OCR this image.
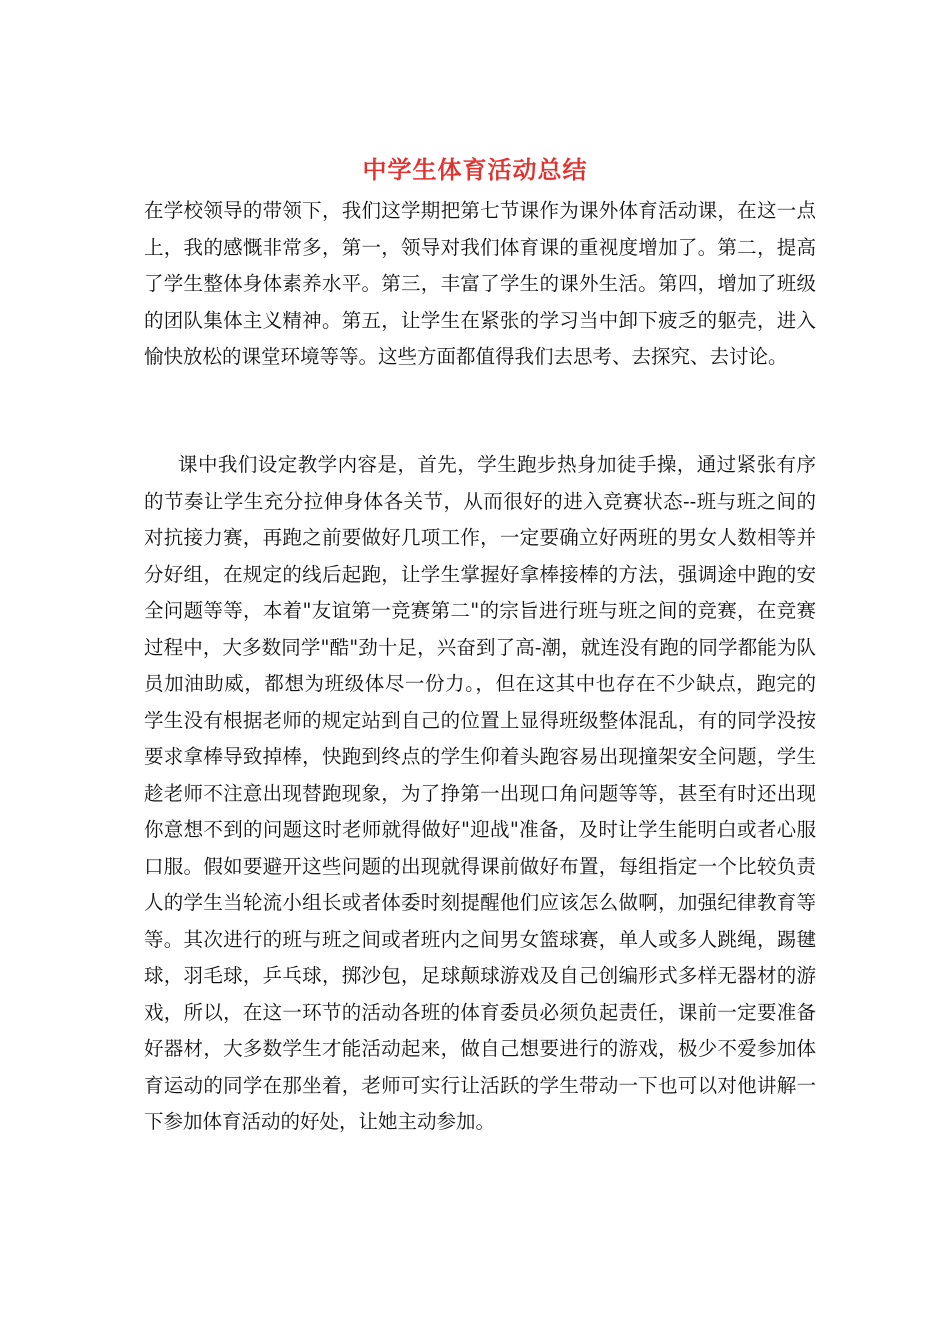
中学生体育活动总结

在学校领导的带领下，我们这学期把第七节课作为课外体育活动课，在这一点上，我的感慨非常多，第一，领导对我们体育课的重视度增加了。第二，提高了学生整体身体素养水平。第三，丰富了学生的课外生活。第四，增加了班级的团队集体主义精神。第五，让学生在紧张的学习当中卸下疲乏的躯壳，进入愉快放松的课堂环境等等。这些方面都值得我们去思考、去探究、去讨论。

课中我们设定教学内容是，首先，学生跑步热身加徒手操，通过紧张有序的节奏让学生充分拉伸身体各关节，从而很好的进入竞赛状态--班与班之间的对抗接力赛，再跑之前要做好几项工作，一定要确立好两班的男女人数相等并分好组，在规定的线后起跑，让学生掌握好拿棒接棒的方法，强调途中跑的安全问题等等，本着"友谊第一竞赛第二"的宗旨进行班与班之间的竞赛，在竞赛过程中，大多数同学"酷"劲十足，兴奋到了高-潮，就连没有跑的同学都能为队员加油助威，都想为班级体尽一份力。，但在这其中也存在不少缺点，跑完的学生没有根据老师的规定站到自己的位置上显得班级整体混乱，有的同学没按要求拿棒导致掉棒，快跑到终点的学生仰着头跑容易出现撞架安全问题，学生趁老师不注意出现替跑现象，为了挣第一出现口角问题等等，甚至有时还出现你意想不到的问题这时老师就得做好"迎战"准备，及时让学生能明白或者心服口服。假如要避开这些问题的出现就得课前做好布置，每组指定一个比较负责人的学生当轮流小组长或者体委时刻提醒他们应该怎么做啊，加强纪律教育等等。其次进行的班与班之间或者班内之间男女篮球赛，单人或多人跳绳，踢毽球，羽毛球，乒乓球，掷沙包，足球颠球游戏及自己创编形式多样无器材的游戏，所以，在这一环节的活动各班的体育委员必须负起责任，课前一定要准备好器材，大多数学生才能活动起来，做自己想要进行的游戏，极少不爱参加体育运动的同学在那坐着，老师可实行让活跃的学生带动一下也可以对他讲解一下参加体育活动的好处，让她主动参加。
